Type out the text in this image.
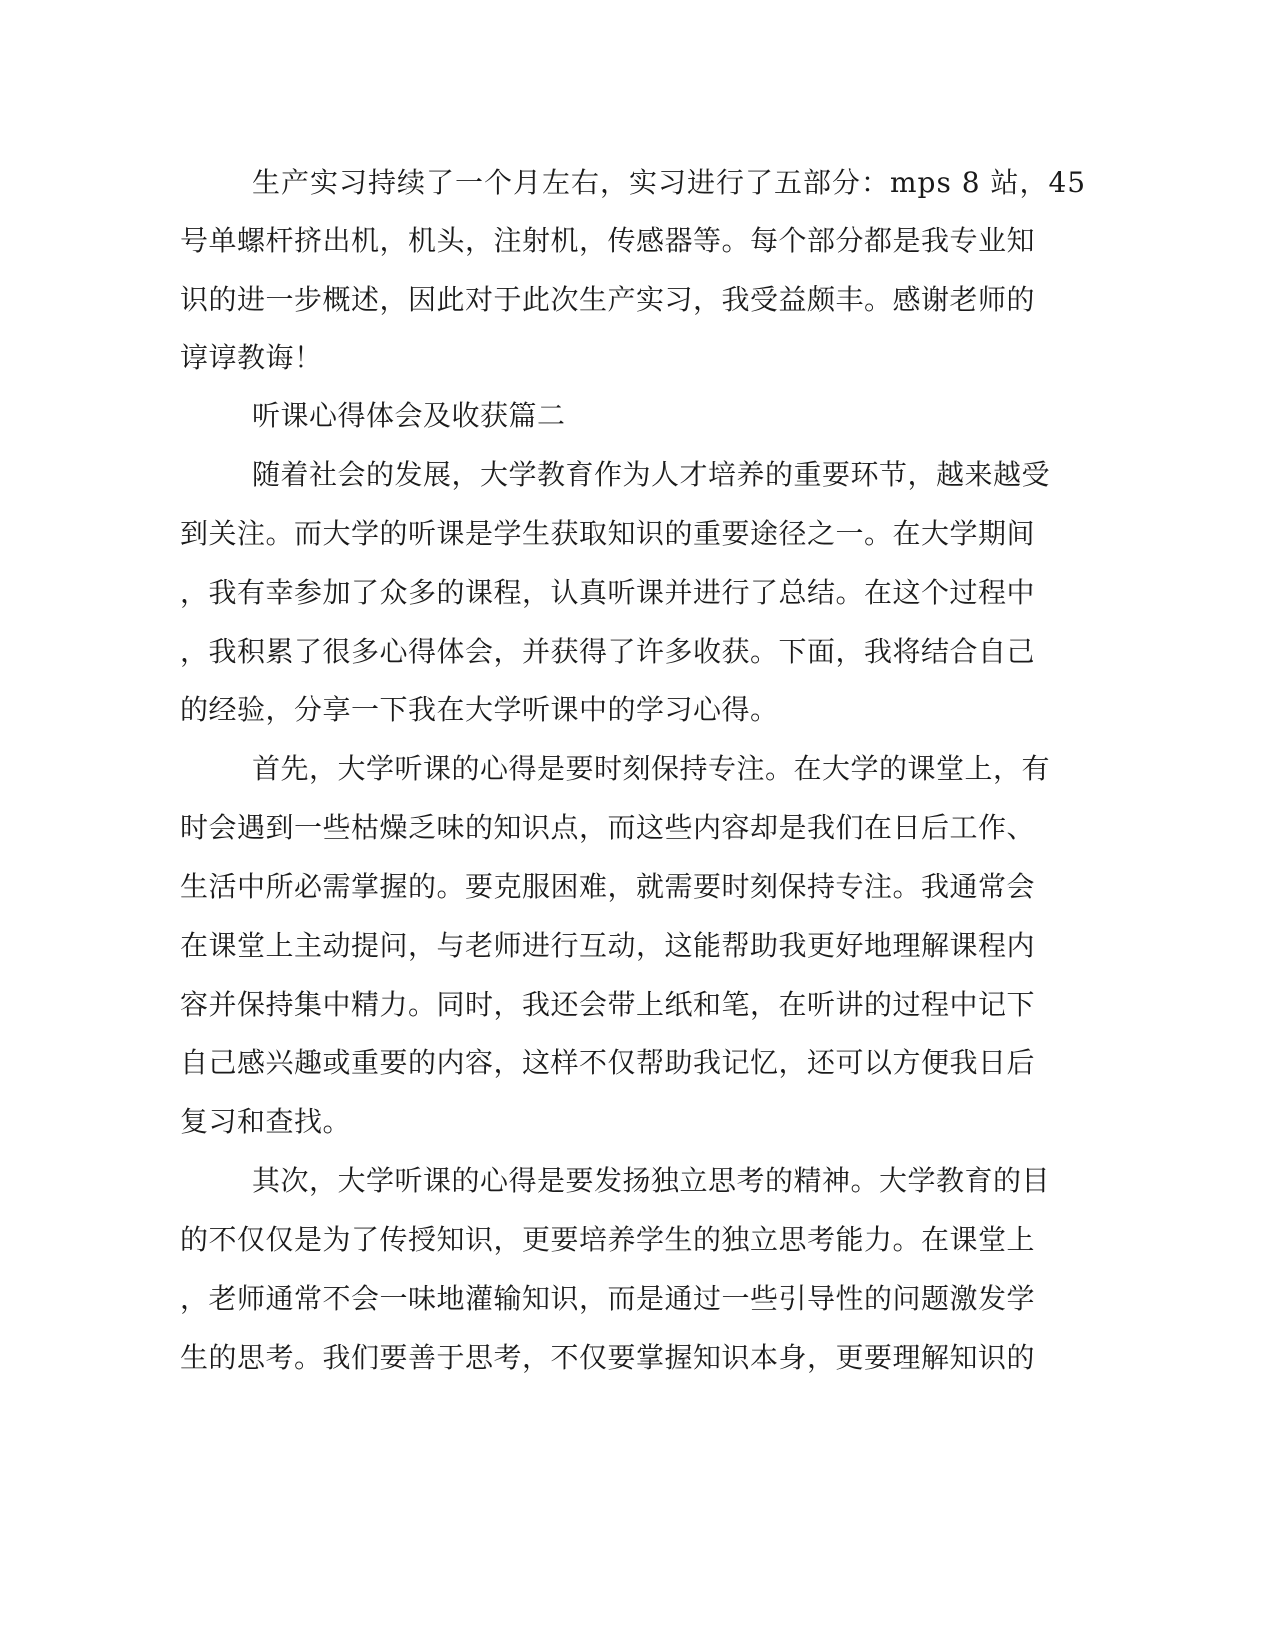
生产实习持续了一个月左右，实习进行了五部分：mps 8 站，45

号单螺杆挤出机，机头，注射机，传感器等。每个部分都是我专业知

识的进一步概述，因此对于此次生产实习，我受益颇丰。感谢老师的

谆谆教诲！

听课心得体会及收获篇二

随着社会的发展，大学教育作为人才培养的重要环节，越来越受

到关注。而大学的听课是学生获取知识的重要途径之一。在大学期间

，我有幸参加了众多的课程，认真听课并进行了总结。在这个过程中

，我积累了很多心得体会，并获得了许多收获。下面，我将结合自己

的经验，分享一下我在大学听课中的学习心得。

首先，大学听课的心得是要时刻保持专注。在大学的课堂上，有

时会遇到一些枯燥乏味的知识点，而这些内容却是我们在日后工作、

生活中所必需掌握的。要克服困难，就需要时刻保持专注。我通常会

在课堂上主动提问，与老师进行互动，这能帮助我更好地理解课程内

容并保持集中精力。同时，我还会带上纸和笔，在听讲的过程中记下

自己感兴趣或重要的内容，这样不仅帮助我记忆，还可以方便我日后

复习和查找。

其次，大学听课的心得是要发扬独立思考的精神。大学教育的目

的不仅仅是为了传授知识，更要培养学生的独立思考能力。在课堂上

，老师通常不会一味地灌输知识，而是通过一些引导性的问题激发学

生的思考。我们要善于思考，不仅要掌握知识本身，更要理解知识的
